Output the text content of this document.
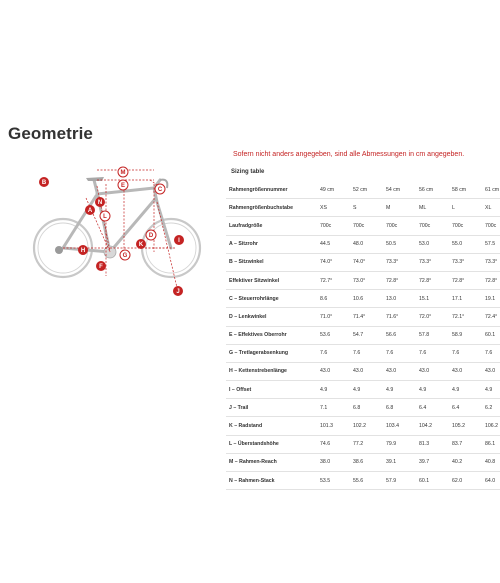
Geometrie
Sofern nicht anders angegeben, sind alle Abmessungen in cm angegeben.
M
E
B
C
A
N
L
D
K
I
H
G
F
J
Sizing table
Rahmengrößennummer	49 cm	52 cm	54 cm	56 cm	58 cm	61 cm
Rahmengrößenbuchstabe	XS	S	M	ML	L	XL
Laufradgröße	700c	700c	700c	700c	700c	700c
A – Sitzrohr	44.5	48.0	50.5	53.0	55.0	57.5
B – Sitzwinkel	74.0°	74.0°	73.3°	73.3°	73.3°	73.3°
Effektiver Sitzwinkel	72.7°	73.0°	72.8°	72.8°	72.8°	72.8°
C – Steuerrohrlänge	8.6	10.6	13.0	15.1	17.1	19.1
D – Lenkwinkel	71.0°	71.4°	71.6°	72.0°	72.1°	72.4°
E – Effektives Oberrohr	53.6	54.7	56.6	57.8	58.9	60.1
G – Tretlagerabsenkung	7.6	7.6	7.6	7.6	7.6	7.6
H – Kettenstrebenlänge	43.0	43.0	43.0	43.0	43.0	43.0
I – Offset	4.9	4.9	4.9	4.9	4.9	4.9
J – Trail	7.1	6.8	6.8	6.4	6.4	6.2
K – Radstand	101.3	102.2	103.4	104.2	105.2	106.2
L – Überstandshöhe	74.6	77.2	79.9	81.3	83.7	86.1
M – Rahmen-Reach	38.0	38.6	39.1	39.7	40.2	40.8
N – Rahmen-Stack	53.5	55.6	57.9	60.1	62.0	64.0
